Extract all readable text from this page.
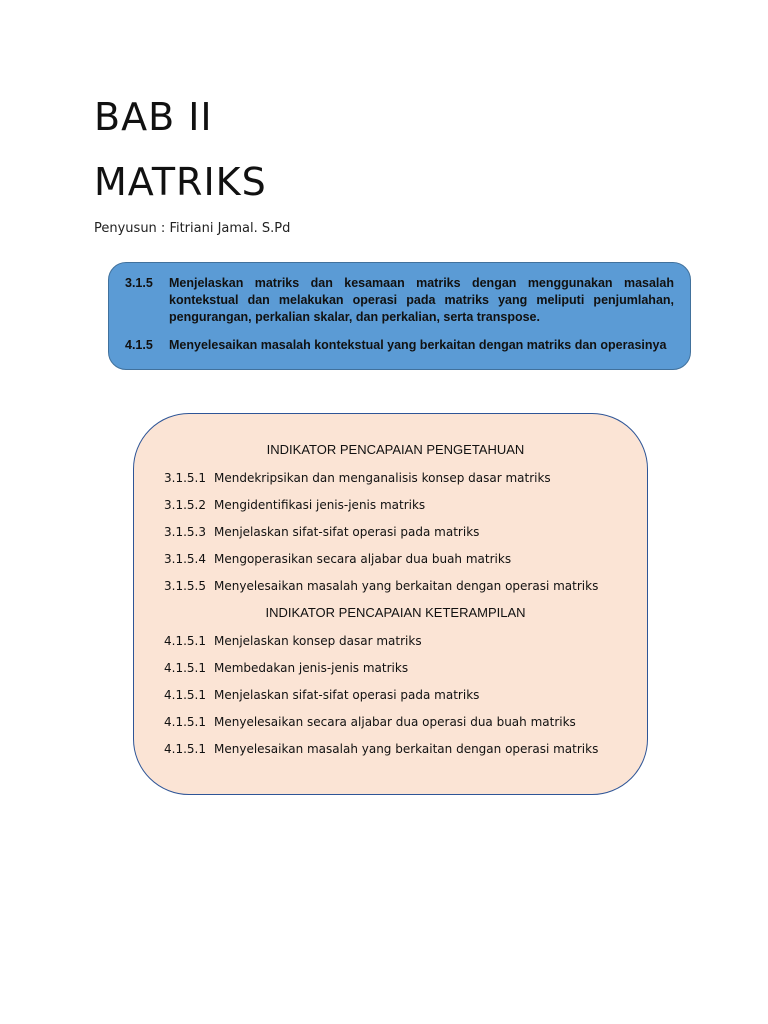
BAB II
MATRIKS
Penyusun : Fitriani Jamal. S.Pd
3.1.5	Menjelaskan matriks dan kesamaan matriks dengan menggunakan masalah kontekstual dan melakukan operasi pada matriks yang meliputi penjumlahan, pengurangan, perkalian skalar, dan perkalian, serta transpose.
4.1.5	Menyelesaikan masalah kontekstual yang berkaitan dengan matriks dan operasinya
INDIKATOR PENCAPAIAN PENGETAHUAN
3.1.5.1 Mendekripsikan dan menganalisis konsep dasar matriks
3.1.5.2 Mengidentifikasi jenis-jenis matriks
3.1.5.3 Menjelaskan sifat-sifat operasi pada matriks
3.1.5.4 Mengoperasikan secara aljabar dua buah matriks
3.1.5.5 Menyelesaikan masalah yang berkaitan dengan operasi matriks
INDIKATOR PENCAPAIAN KETERAMPILAN
4.1.5.1 Menjelaskan konsep dasar matriks
4.1.5.1 Membedakan jenis-jenis matriks
4.1.5.1 Menjelaskan sifat-sifat operasi pada matriks
4.1.5.1 Menyelesaikan secara aljabar dua operasi dua buah matriks
4.1.5.1 Menyelesaikan masalah yang berkaitan dengan operasi matriks
